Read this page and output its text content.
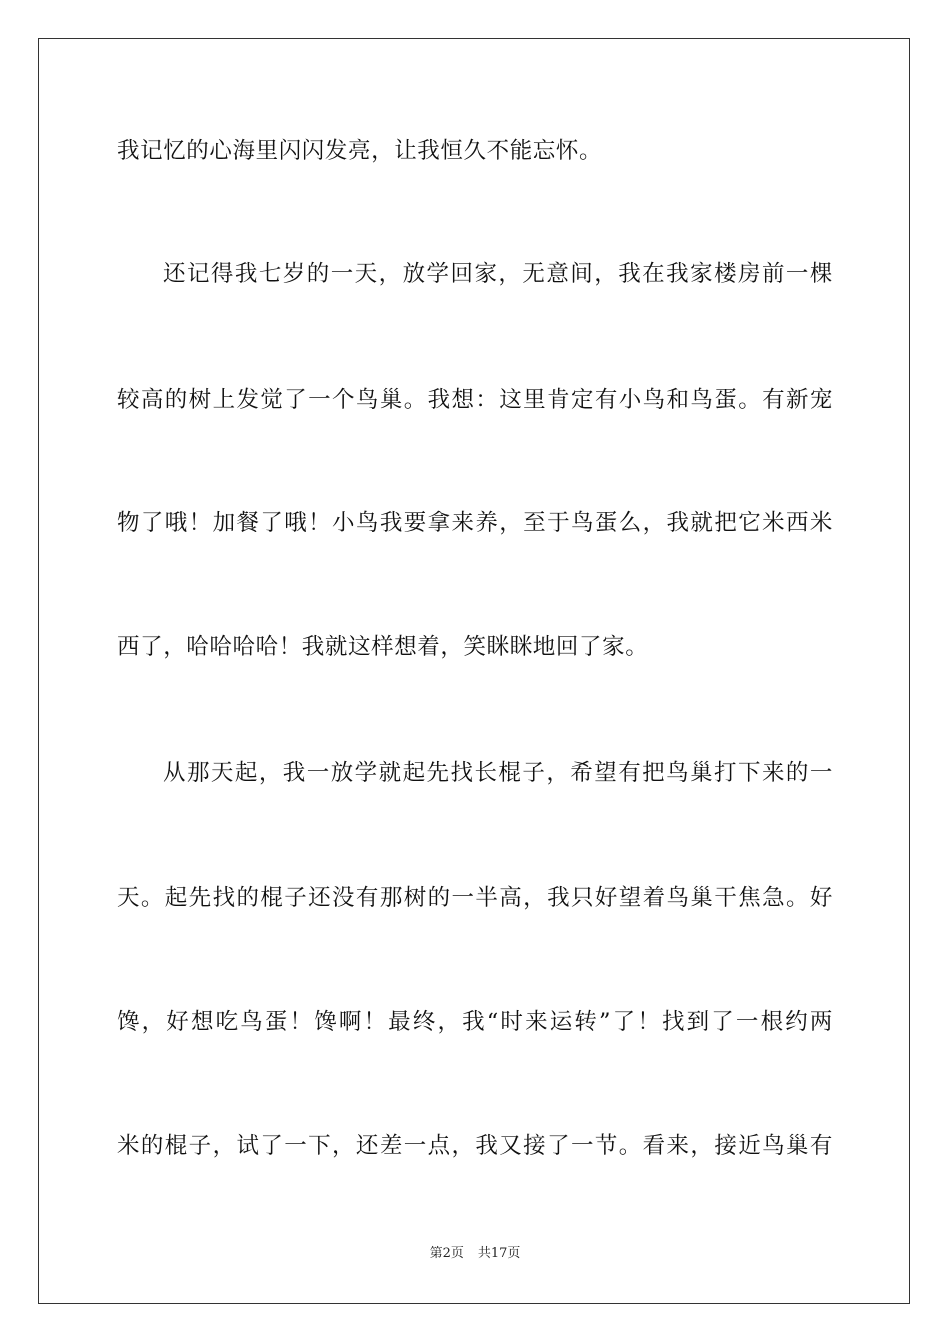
我记忆的心海里闪闪发亮，让我恒久不能忘怀。
还记得我七岁的一天，放学回家，无意间，我在我家楼房前一棵
较高的树上发觉了一个鸟巢。我想：这里肯定有小鸟和鸟蛋。有新宠
物了哦！加餐了哦！小鸟我要拿来养，至于鸟蛋么，我就把它米西米
西了，哈哈哈哈！我就这样想着，笑眯眯地回了家。
从那天起，我一放学就起先找长棍子，希望有把鸟巢打下来的一
天。起先找的棍子还没有那树的一半高，我只好望着鸟巢干焦急。好
馋，好想吃鸟蛋！馋啊！最终，我“时来运转”了！找到了一根约两
米的棍子，试了一下，还差一点，我又接了一节。看来，接近鸟巢有
第2页 共17页
